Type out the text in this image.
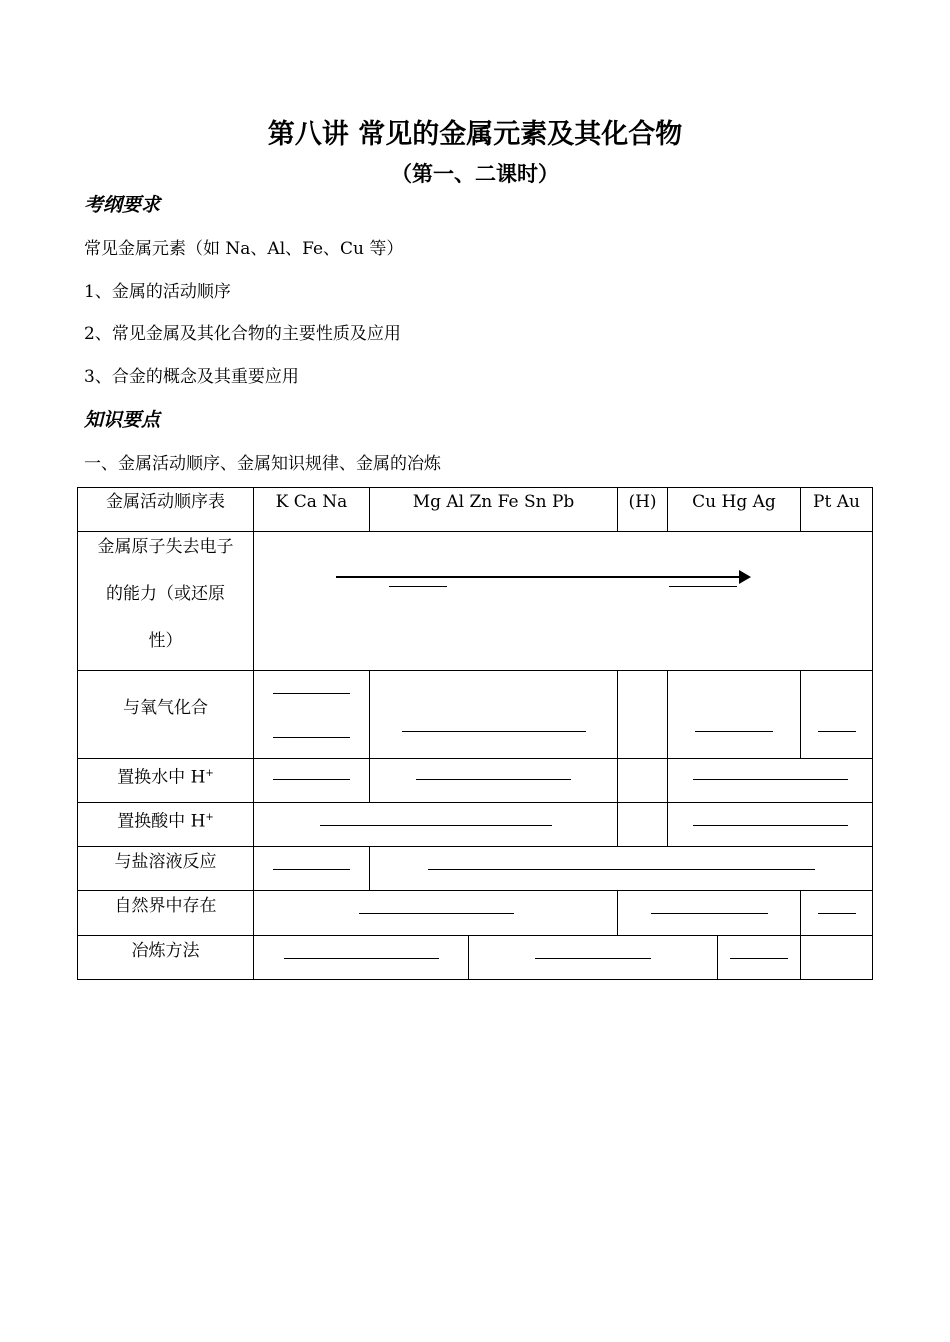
第八讲 常见的金属元素及其化合物
（第一、二课时）
考纲要求
常见金属元素（如 Na、Al、Fe、Cu 等）
1、金属的活动顺序
2、常见金属及其化合物的主要性质及应用
3、合金的概念及其重要应用
知识要点
一、金属活动顺序、金属知识规律、金属的冶炼
金属活动顺序表	K Ca Na	Mg Al Zn Fe Sn Pb	(H)	Cu Hg Ag	Pt Au
金属原子失去电子
的能力（或还原
性）
与氧气化合
置换水中 H+
置换酸中 H+
与盐溶液反应
自然界中存在
冶炼方法
